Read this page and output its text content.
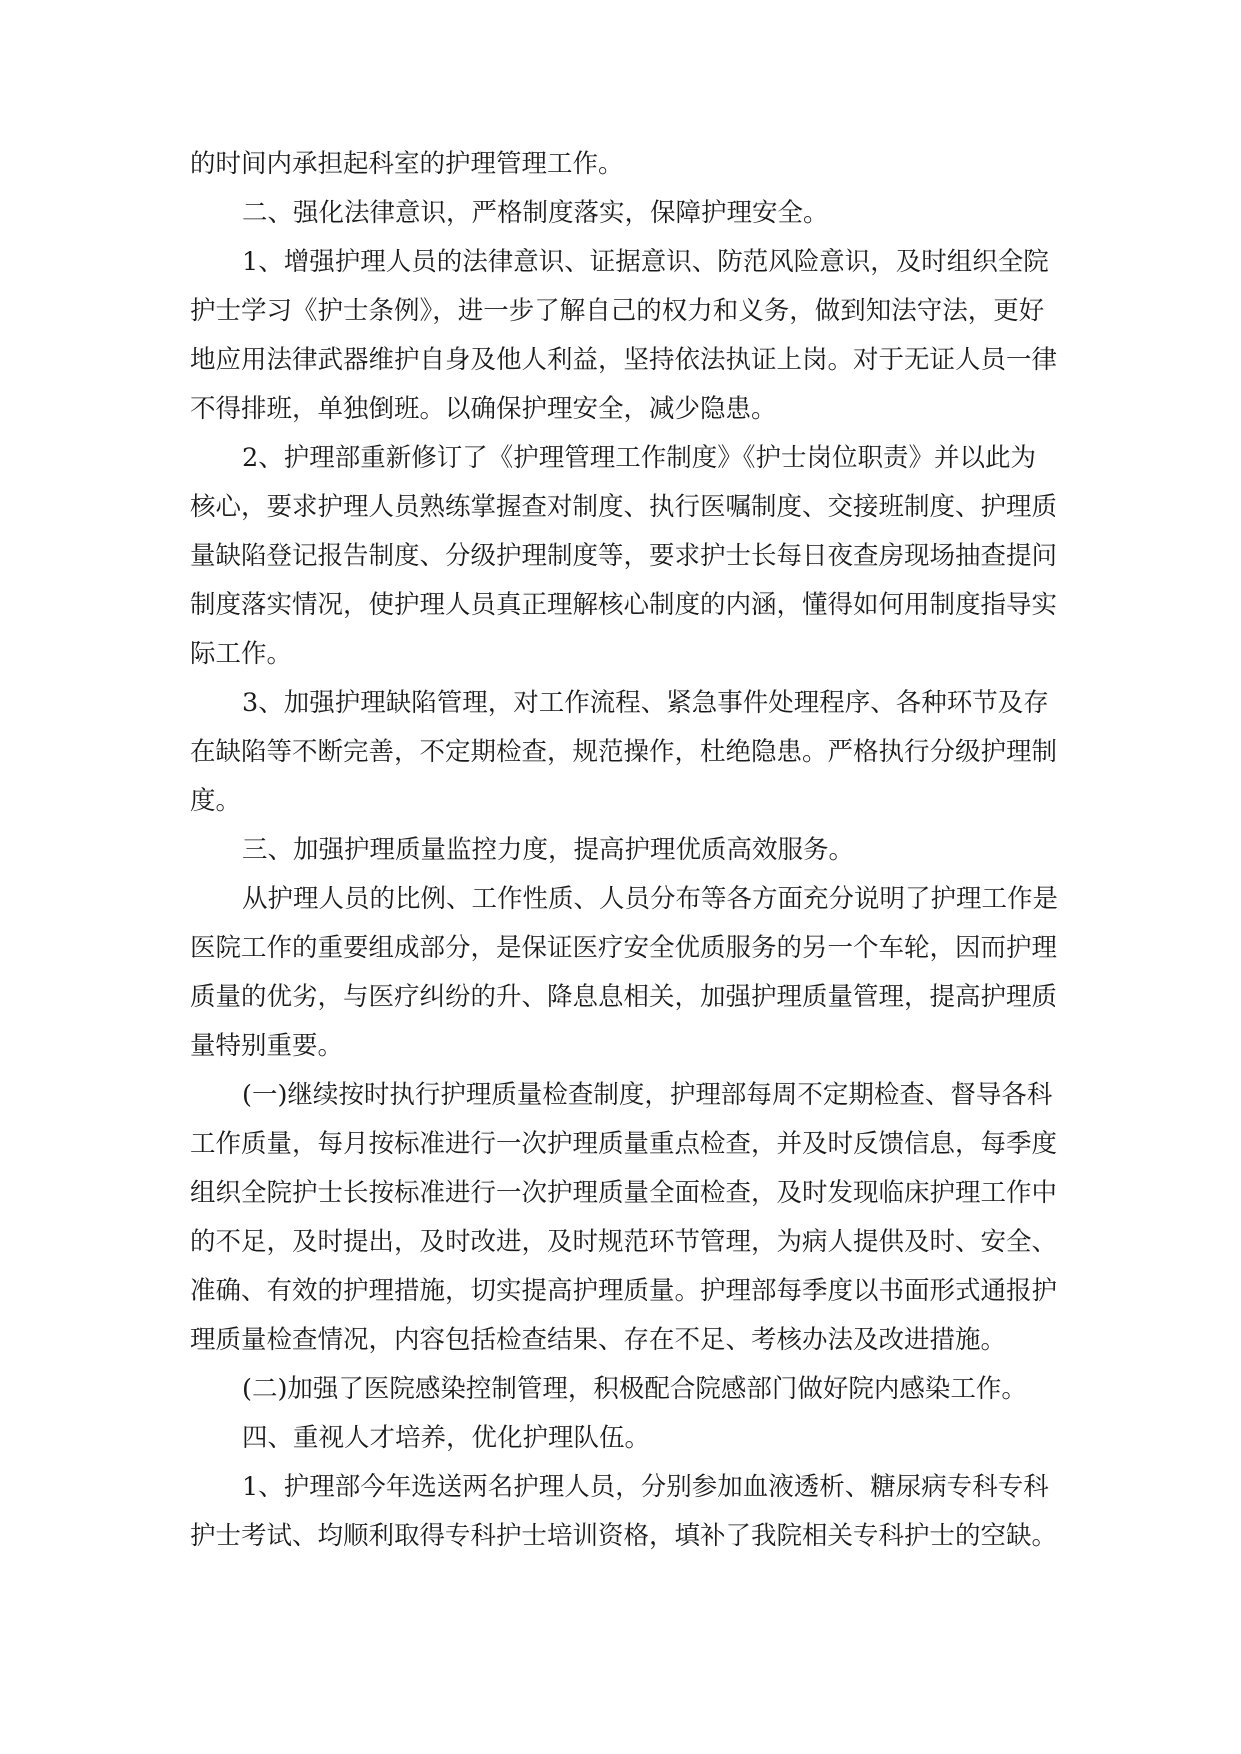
的时间内承担起科室的护理管理工作。

二、强化法律意识，严格制度落实，保障护理安全。

1、增强护理人员的法律意识、证据意识、防范风险意识，及时组织全院护士学习《护士条例》，进一步了解自己的权力和义务，做到知法守法，更好地应用法律武器维护自身及他人利益，坚持依法执证上岗。对于无证人员一律不得排班，单独倒班。以确保护理安全，减少隐患。

2、护理部重新修订了《护理管理工作制度》《护士岗位职责》并以此为核心，要求护理人员熟练掌握查对制度、执行医嘱制度、交接班制度、护理质量缺陷登记报告制度、分级护理制度等，要求护士长每日夜查房现场抽查提问制度落实情况，使护理人员真正理解核心制度的内涵，懂得如何用制度指导实际工作。

3、加强护理缺陷管理，对工作流程、紧急事件处理程序、各种环节及存在缺陷等不断完善，不定期检查，规范操作，杜绝隐患。严格执行分级护理制度。

三、加强护理质量监控力度，提高护理优质高效服务。

从护理人员的比例、工作性质、人员分布等各方面充分说明了护理工作是医院工作的重要组成部分，是保证医疗安全优质服务的另一个车轮，因而护理质量的优劣，与医疗纠纷的升、降息息相关，加强护理质量管理，提高护理质量特别重要。

(一)继续按时执行护理质量检查制度，护理部每周不定期检查、督导各科工作质量，每月按标准进行一次护理质量重点检查，并及时反馈信息，每季度组织全院护士长按标准进行一次护理质量全面检查，及时发现临床护理工作中的不足，及时提出，及时改进，及时规范环节管理，为病人提供及时、安全、准确、有效的护理措施，切实提高护理质量。护理部每季度以书面形式通报护理质量检查情况，内容包括检查结果、存在不足、考核办法及改进措施。

(二)加强了医院感染控制管理，积极配合院感部门做好院内感染工作。

四、重视人才培养，优化护理队伍。

1、护理部今年选送两名护理人员，分别参加血液透析、糖尿病专科专科护士考试、均顺利取得专科护士培训资格，填补了我院相关专科护士的空缺。
